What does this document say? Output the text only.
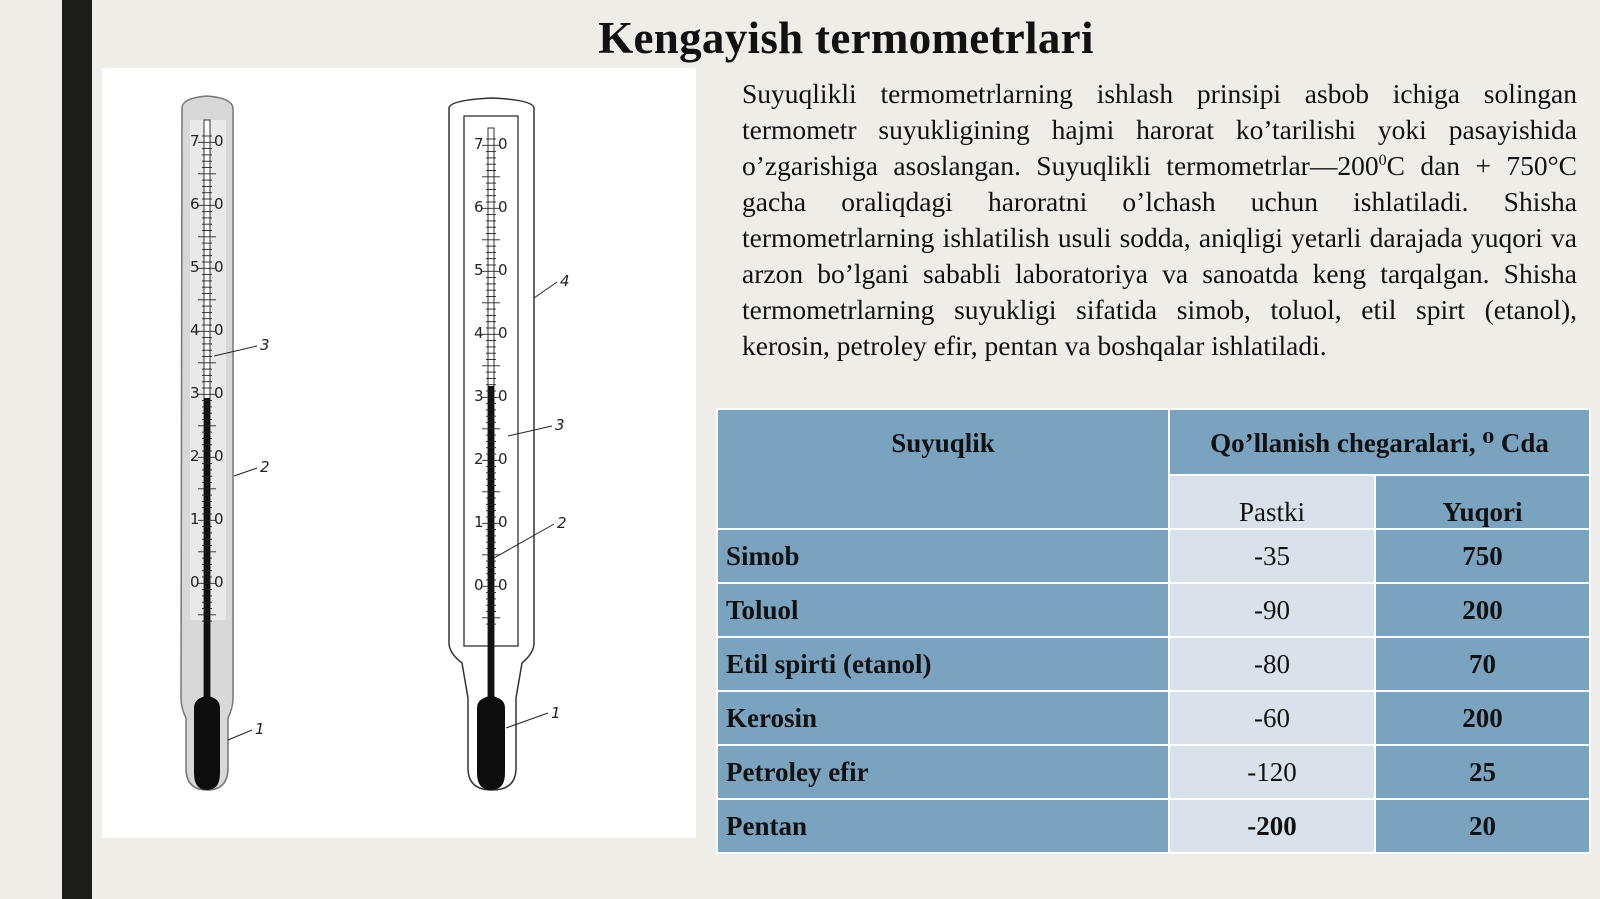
Kengayish termometrlari
7 0
6 0
5 0
4 0
3 0
2 0
1 0
0 0
3
2
1
7 0
6 0
5 0
4 0
3 0
2 0
1 0
0 0
4
3
2
1
Suyuqlikli termometrlarning ishlash prinsipi asbob ichiga solingan termometr suyukligining hajmi harorat ko’tarilishi yoki pasayishida o’zgarishiga asoslangan. Suyuqlikli $termometrlar—200^0C$ dan + 750°C gacha oraliqdagi haroratni o’lchash uchun ishlatiladi. Shisha termometrlarning ishlatilish usuli sodda, aniqligi yetarli darajada yuqori va arzon bo’lgani sababli laboratoriya va sanoatda keng tarqalgan. Shisha termometrlarning suyukligi sifatida simob, toluol, etil spirt (etanol), kerosin, petroley efir, pentan va boshqalar ishlatiladi.
Suyuqlik	Qo’llanish chegaralari, ⁰ Cda	
	Pastki	Yuqori
Simob	-35	750
Toluol	-90	200
Etil spirti (etanol)	-80	70
Kerosin	-60	200
Petroley efir	-120	25
Pentan	-200	20
